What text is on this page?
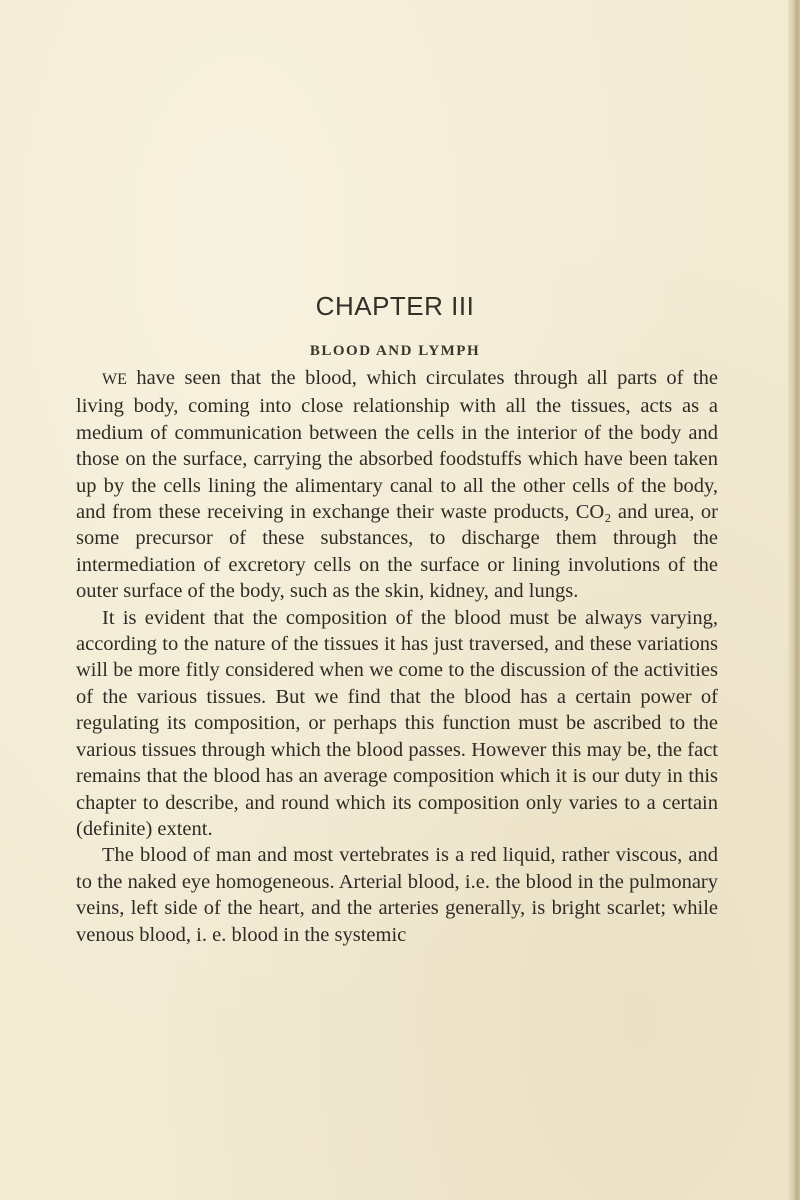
CHAPTER III
BLOOD AND LYMPH

WE have seen that the blood, which circulates through all parts of the living body, coming into close relationship with all the tissues, acts as a medium of communication between the cells in the interior of the body and those on the surface, carrying the absorbed foodstuffs which have been taken up by the cells lining the alimentary canal to all the other cells of the body, and from these receiving in exchange their waste products, CO₂ and urea, or some precursor of these substances, to discharge them through the intermediation of excretory cells on the surface or lining involutions of the outer surface of the body, such as the skin, kidney, and lungs.

It is evident that the composition of the blood must be always varying, according to the nature of the tissues it has just traversed, and these variations will be more fitly considered when we come to the discussion of the activities of the various tissues. But we find that the blood has a certain power of regulating its composition, or perhaps this function must be ascribed to the various tissues through which the blood passes. However this may be, the fact remains that the blood has an average composition which it is our duty in this chapter to describe, and round which its composition only varies to a certain (definite) extent.

The blood of man and most vertebrates is a red liquid, rather viscous, and to the naked eye homogeneous. Arterial blood, i.e. the blood in the pulmonary veins, left side of the heart, and the arteries generally, is bright scarlet; while venous blood, i. e. blood in the systemic
